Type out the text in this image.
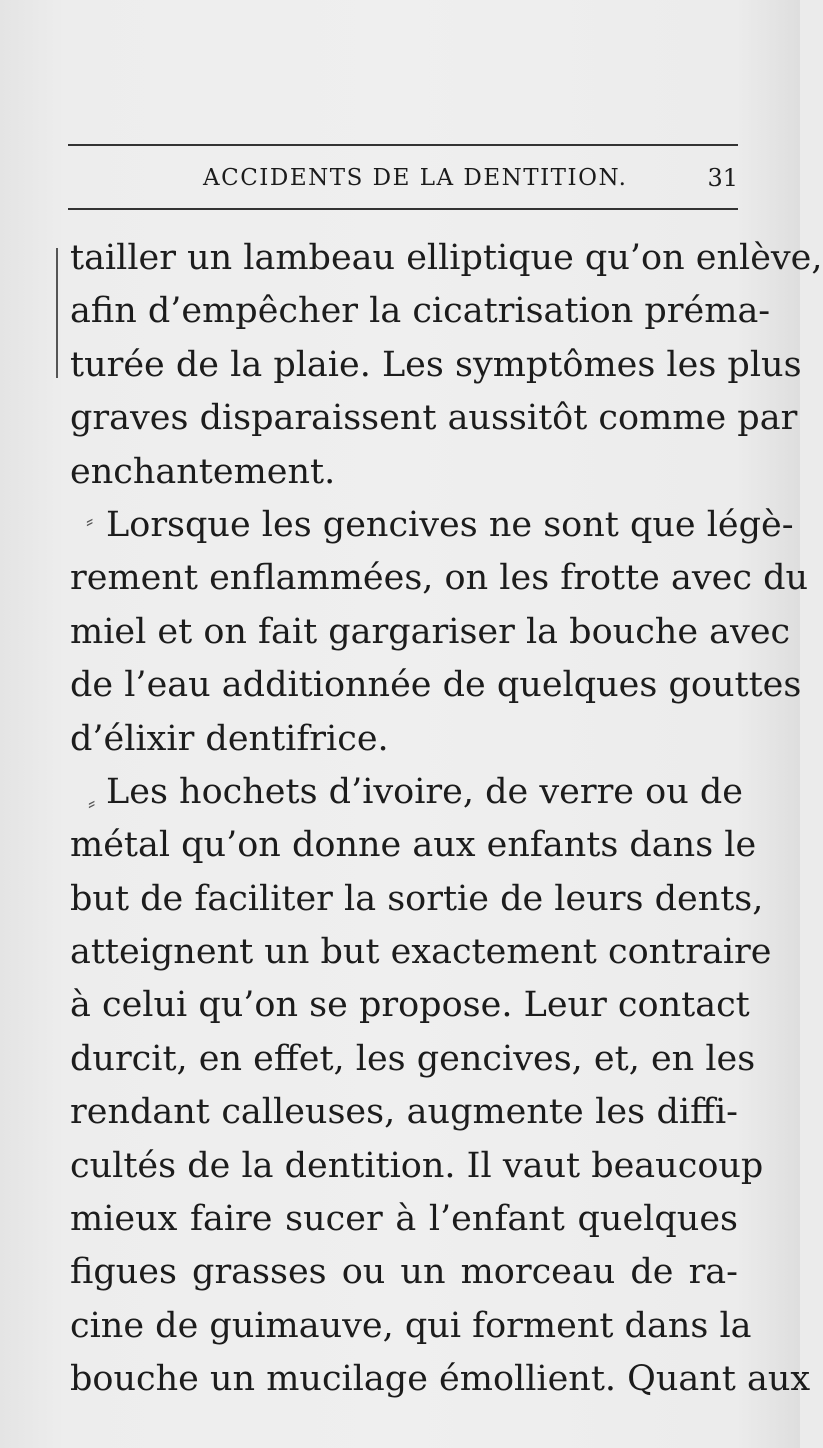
ACCIDENTS DE LA DENTITION.	31
⸗
⸗
tailler un lambeau elliptique qu’on enlève,
afin d’empêcher la cicatrisation préma-
turée de la plaie. Les symptômes les plus
graves disparaissent aussitôt comme par
enchantement.
Lorsque les gencives ne sont que légè-
rement enflammées, on les frotte avec du
miel et on fait gargariser la bouche avec
de l’eau additionnée de quelques gouttes
d’élixir dentifrice.
Les hochets d’ivoire, de verre ou de
métal qu’on donne aux enfants dans le
but de faciliter la sortie de leurs dents,
atteignent un but exactement contraire
à celui qu’on se propose. Leur contact
durcit, en effet, les gencives, et, en les
rendant calleuses, augmente les diffi-
cultés de la dentition. Il vaut beaucoup
mieux faire sucer à l’enfant quelques
figues grasses ou un morceau de ra-
cine de guimauve, qui forment dans la
bouche un mucilage émollient. Quant aux
